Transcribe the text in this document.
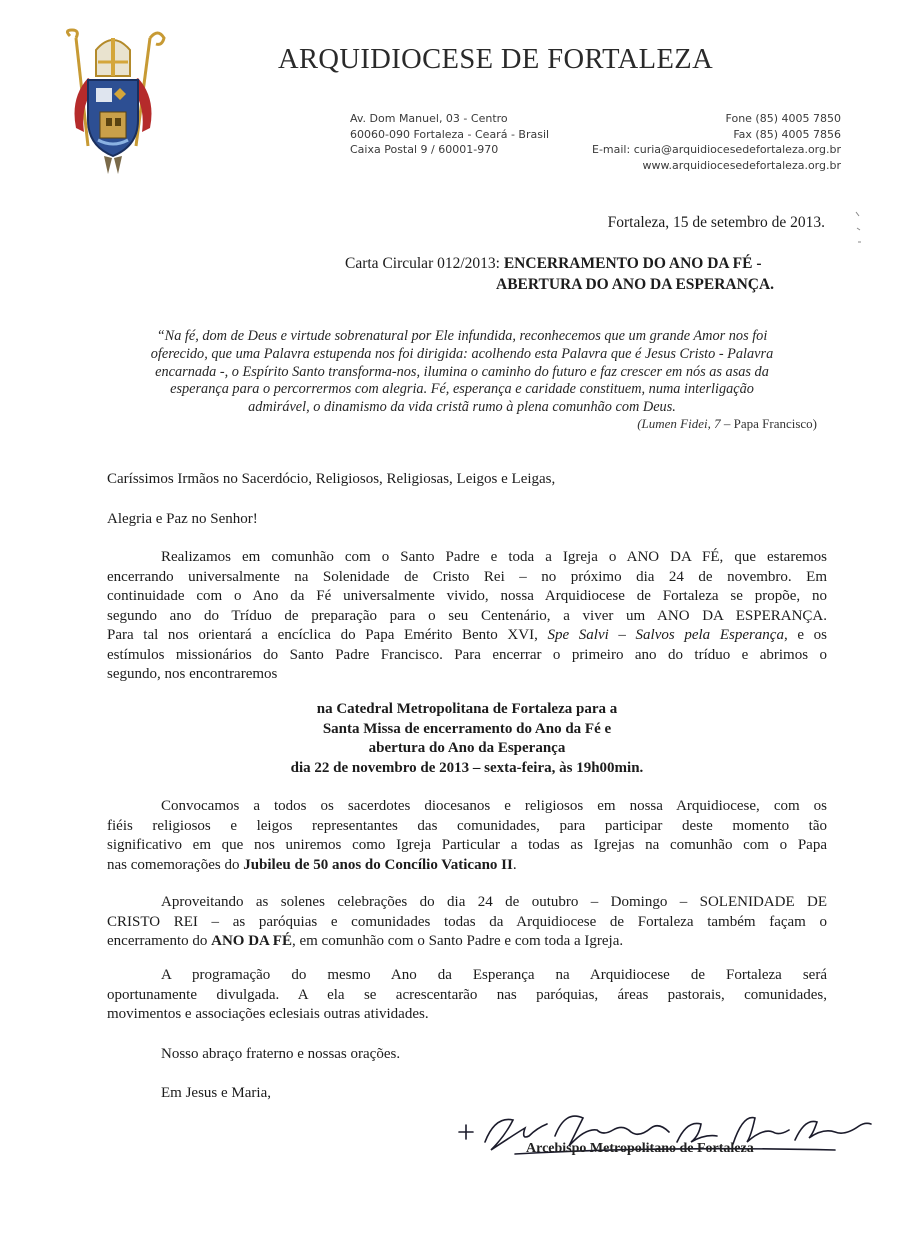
ARQUIDIOCESE DE FORTALEZA
Av. Dom Manuel, 03 - Centro
60060-090 Fortaleza - Ceará - Brasil
Caixa Postal 9 / 60001-970
Fone (85) 4005 7850
Fax (85) 4005 7856
E-mail: curia@arquidiocesedefortaleza.org.br
www.arquidiocesedefortaleza.org.br
Fortaleza, 15 de setembro de 2013.
Carta Circular 012/2013: ENCERRAMENTO DO ANO DA FÉ -
ABERTURA DO ANO DA ESPERANÇA.
“Na fé, dom de Deus e virtude sobrenatural por Ele infundida, reconhecemos que um grande Amor nos foi
oferecido, que uma Palavra estupenda nos foi dirigida: acolhendo esta Palavra que é Jesus Cristo - Palavra
encarnada -, o Espírito Santo transforma-nos, ilumina o caminho do futuro e faz crescer em nós as asas da
esperança para o percorrermos com alegria. Fé, esperança e caridade constituem, numa interligação
admirável, o dinamismo da vida cristã rumo à plena comunhão com Deus.
(Lumen Fidei, 7 – Papa Francisco)
Caríssimos Irmãos no Sacerdócio, Religiosos, Religiosas, Leigos e Leigas,
Alegria e Paz no Senhor!
Realizamos em comunhão com o Santo Padre e toda a Igreja o ANO DA FÉ, que estaremos
encerrando universalmente na Solenidade de Cristo Rei – no próximo dia 24 de novembro. Em
continuidade com o Ano da Fé universalmente vivido, nossa Arquidiocese de Fortaleza se propõe, no
segundo ano do Tríduo de preparação para o seu Centenário, a viver um ANO DA ESPERANÇA.
Para tal nos orientará a encíclica do Papa Emérito Bento XVI, Spe Salvi – Salvos pela Esperança, e os
estímulos missionários do Santo Padre Francisco. Para encerrar o primeiro ano do tríduo e abrimos o
segundo, nos encontraremos
na Catedral Metropolitana de Fortaleza para a
Santa Missa de encerramento do Ano da Fé e
abertura do Ano da Esperança
dia 22 de novembro de 2013 – sexta-feira, às 19h00min.
Convocamos a todos os sacerdotes diocesanos e religiosos em nossa Arquidiocese, com os
fiéis religiosos e leigos representantes das comunidades, para participar deste momento tão
significativo em que nos uniremos como Igreja Particular a todas as Igrejas na comunhão com o Papa
nas comemorações do Jubileu de 50 anos do Concílio Vaticano II.
Aproveitando as solenes celebrações do dia 24 de outubro – Domingo – SOLENIDADE DE
CRISTO REI – as paróquias e comunidades todas da Arquidiocese de Fortaleza também façam o
encerramento do ANO DA FÉ, em comunhão com o Santo Padre e com toda a Igreja.
A programação do mesmo Ano da Esperança na Arquidiocese de Fortaleza será
oportunamente divulgada. A ela se acrescentarão nas paróquias, áreas pastorais, comunidades,
movimentos e associações eclesiais outras atividades.
Nosso abraço fraterno e nossas orações.
Em Jesus e Maria,
Arcebispo Metropolitano de Fortaleza
